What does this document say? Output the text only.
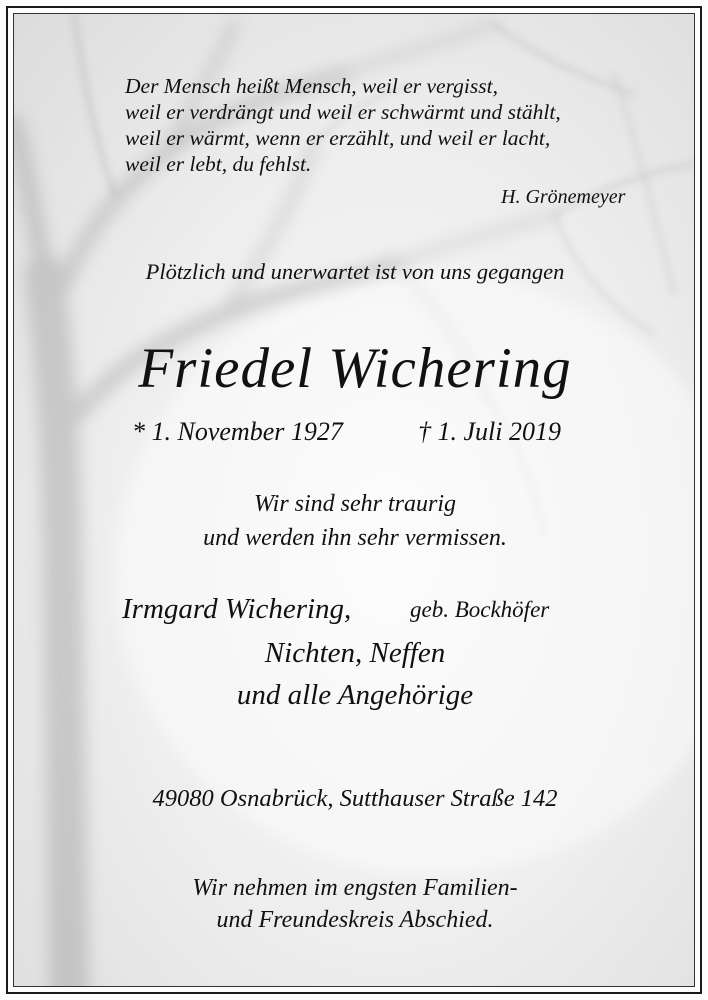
Der Mensch heißt Mensch, weil er vergisst,
weil er verdrängt und weil er schwärmt und stählt,
weil er wärmt, wenn er erzählt, und weil er lacht,
weil er lebt, du fehlst.
H. Grönemeyer
Plötzlich und unerwartet ist von uns gegangen
Friedel Wichering
* 1. November 1927	† 1. Juli 2019
Wir sind sehr traurig
und werden ihn sehr vermissen.
Irmgard Wichering,	geb. Bockhöfer
Nichten, Neffen
und alle Angehörige
49080 Osnabrück, Sutthauser Straße 142
Wir nehmen im engsten Familien-
und Freundeskreis Abschied.
